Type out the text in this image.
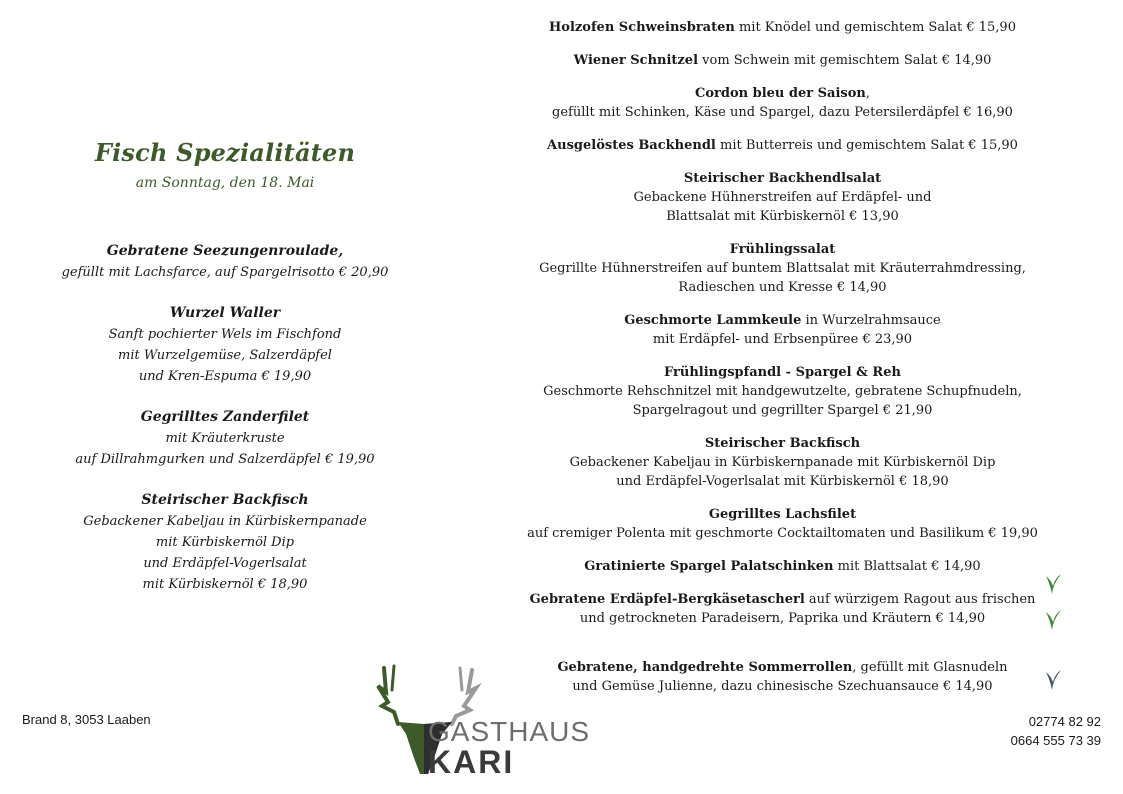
Fisch Spezialitäten
am Sonntag, den 18. Mai
Gebratene Seezungenroulade,
gefüllt mit Lachsfarce, auf Spargelrisotto € 20,90
Wurzel Waller
Sanft pochierter Wels im Fischfond
mit Wurzelgemüse, Salzerdäpfel
und Kren-Espuma € 19,90
Gegrilltes Zanderfilet
mit Kräuterkruste
auf Dillrahmgurken und Salzerdäpfel € 19,90
Steirischer Backfisch
Gebackener Kabeljau in Kürbiskernpanade
mit Kürbiskernöl Dip
und Erdäpfel-Vogerlsalat
mit Kürbiskernöl € 18,90
Holzofen Schweinsbraten mit Knödel und gemischtem Salat € 15,90
Wiener Schnitzel vom Schwein mit gemischtem Salat € 14,90
Cordon bleu der Saison,
gefüllt mit Schinken, Käse und Spargel, dazu Petersilerdäpfel € 16,90
Ausgelöstes Backhendl mit Butterreis und gemischtem Salat € 15,90
Steirischer Backhendlsalat
Gebackene Hühnerstreifen auf Erdäpfel- und
Blattsalat mit Kürbiskernöl € 13,90
Frühlingssalat
Gegrillte Hühnerstreifen auf buntem Blattsalat mit Kräuterrahmdressing,
Radieschen und Kresse € 14,90
Geschmorte Lammkeule in Wurzelrahmsauce
mit Erdäpfel- und Erbsenpüree € 23,90
Frühlingspfandl - Spargel & Reh
Geschmorte Rehschnitzel mit handgewutzelte, gebratene Schupfnudeln,
Spargelragout und gegrillter Spargel € 21,90
Steirischer Backfisch
Gebackener Kabeljau in Kürbiskernpanade mit Kürbiskernöl Dip
und Erdäpfel-Vogerlsalat mit Kürbiskernöl € 18,90
Gegrilltes Lachsfilet
auf cremiger Polenta mit geschmorte Cocktailtomaten und Basilikum € 19,90
Gratinierte Spargel Palatschinken mit Blattsalat € 14,90
Gebratene Erdäpfel-Bergkäsetascherl auf würzigem Ragout aus frischen
und getrockneten Paradeisern, Paprika und Kräutern € 14,90
Gebratene, handgedrehte Sommerrollen, gefüllt mit Glasnudeln
und Gemüse Julienne, dazu chinesische Szechuansauce € 14,90
Brand 8, 3053 Laaben	02774 82 92
0664 555 73 39
GASTHAUS
KARI
